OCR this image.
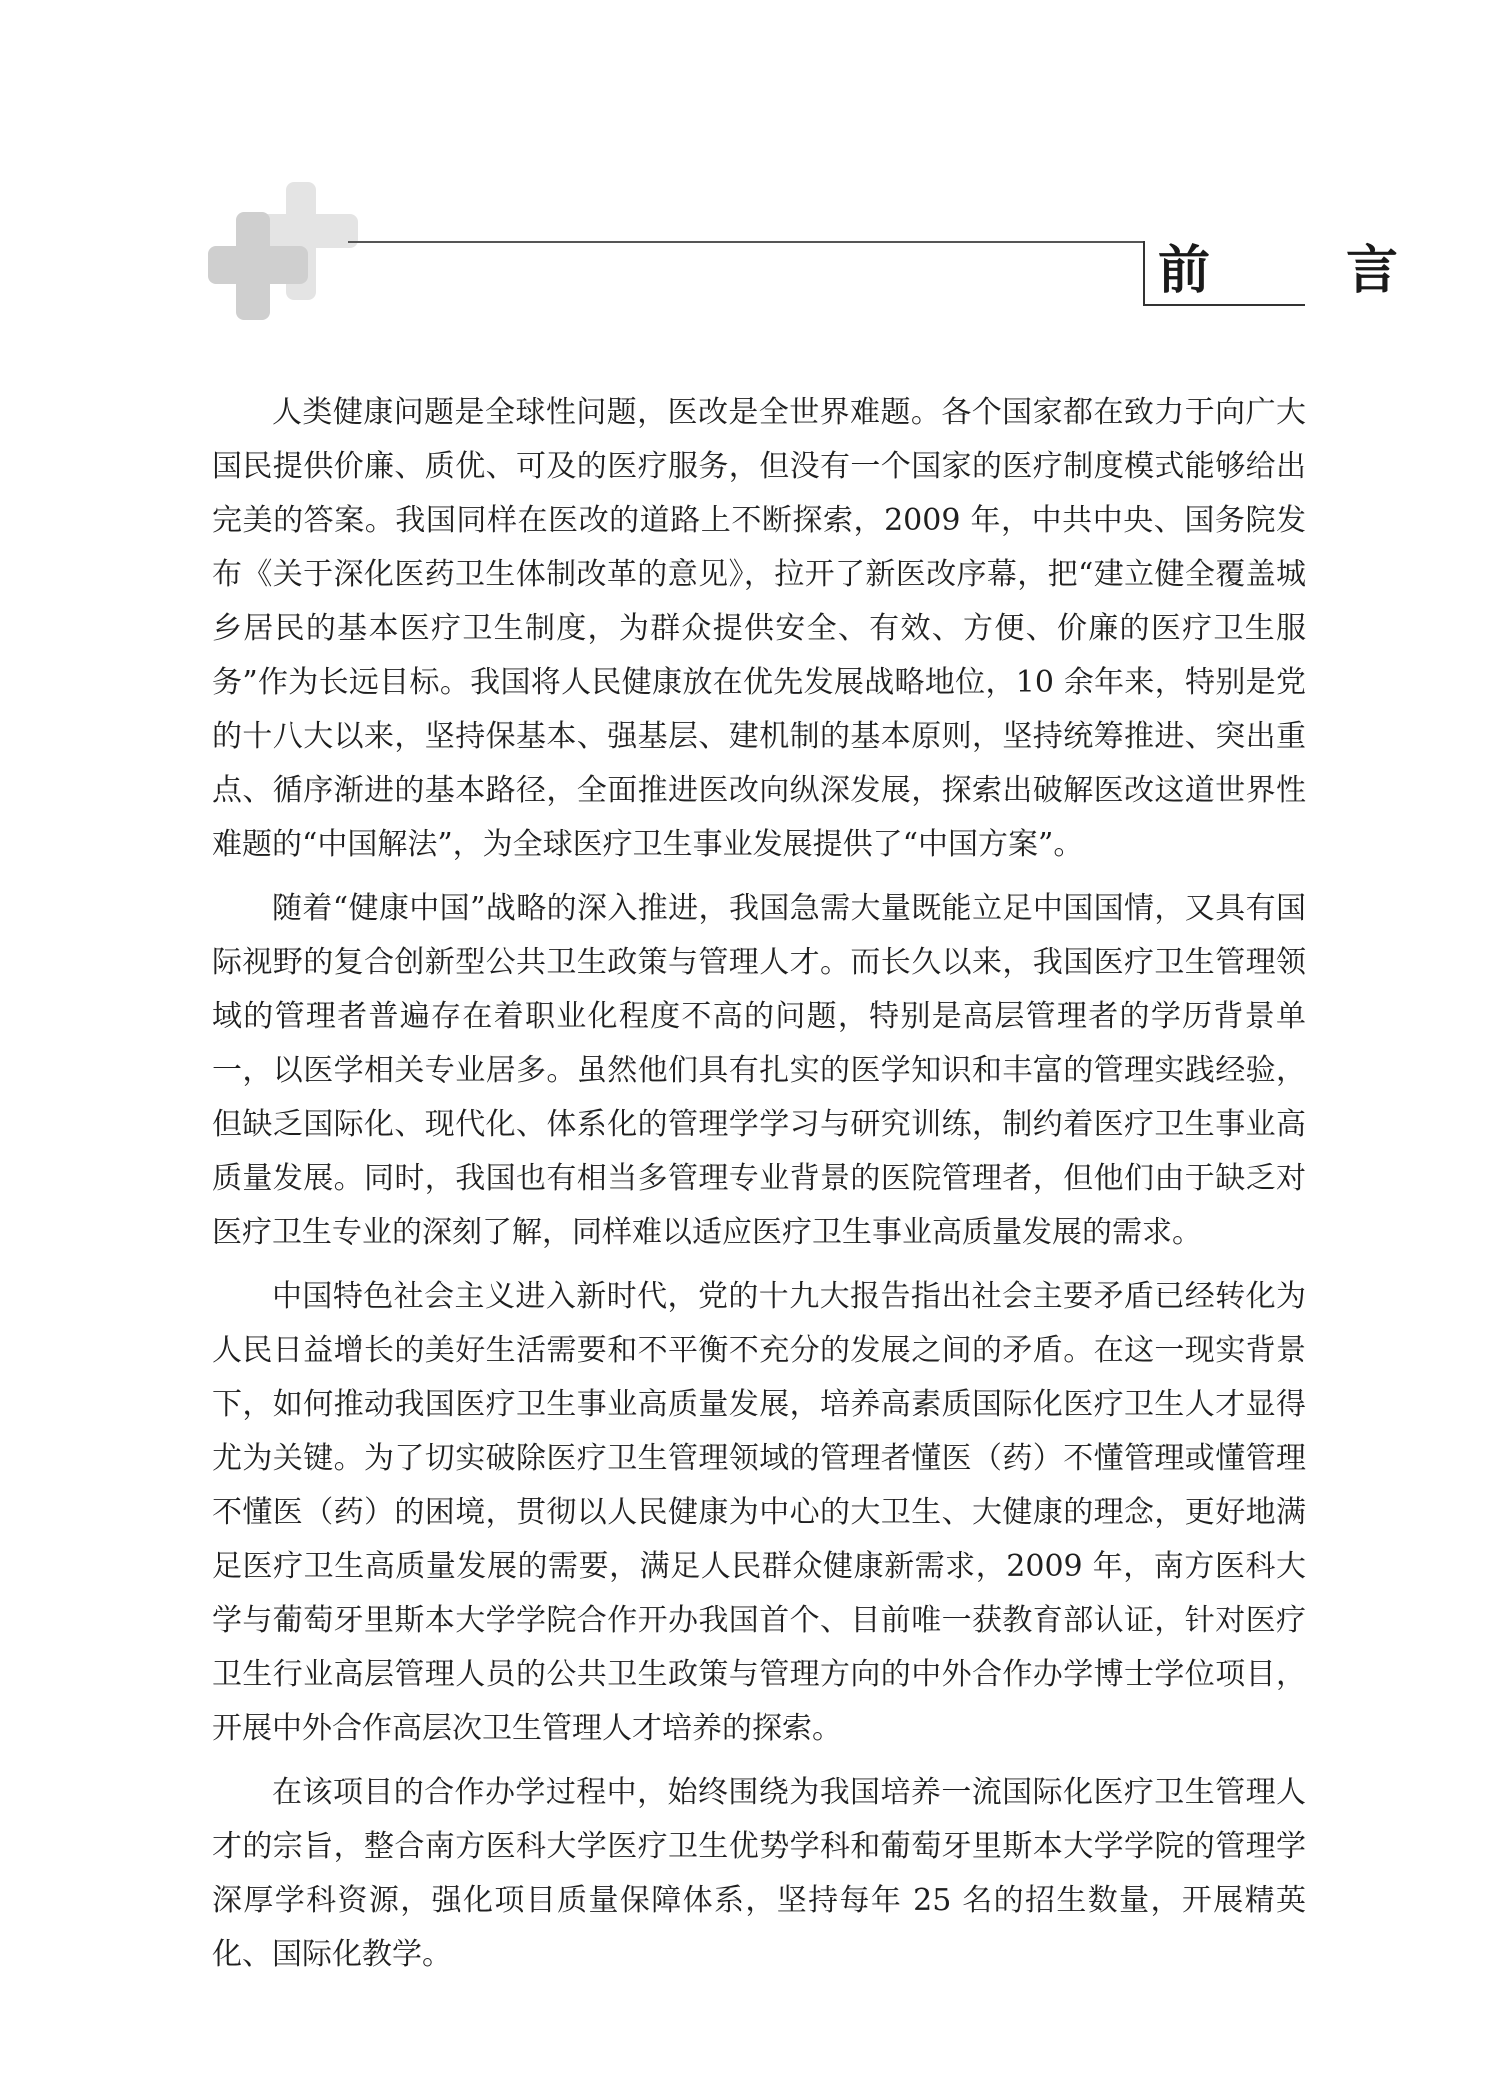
前　言

人类健康问题是全球性问题，医改是全世界难题。各个国家都在致力于向广大国民提供价廉、质优、可及的医疗服务，但没有一个国家的医疗制度模式能够给出完美的答案。我国同样在医改的道路上不断探索，2009 年，中共中央、国务院发布《关于深化医药卫生体制改革的意见》，拉开了新医改序幕，把“建立健全覆盖城乡居民的基本医疗卫生制度，为群众提供安全、有效、方便、价廉的医疗卫生服务”作为长远目标。我国将人民健康放在优先发展战略地位，10 余年来，特别是党的十八大以来，坚持保基本、强基层、建机制的基本原则，坚持统筹推进、突出重点、循序渐进的基本路径，全面推进医改向纵深发展，探索出破解医改这道世界性难题的“中国解法”，为全球医疗卫生事业发展提供了“中国方案”。

随着“健康中国”战略的深入推进，我国急需大量既能立足中国国情，又具有国际视野的复合创新型公共卫生政策与管理人才。而长久以来，我国医疗卫生管理领域的管理者普遍存在着职业化程度不高的问题，特别是高层管理者的学历背景单一，以医学相关专业居多。虽然他们具有扎实的医学知识和丰富的管理实践经验，但缺乏国际化、现代化、体系化的管理学学习与研究训练，制约着医疗卫生事业高质量发展。同时，我国也有相当多管理专业背景的医院管理者，但他们由于缺乏对医疗卫生专业的深刻了解，同样难以适应医疗卫生事业高质量发展的需求。

中国特色社会主义进入新时代，党的十九大报告指出社会主要矛盾已经转化为人民日益增长的美好生活需要和不平衡不充分的发展之间的矛盾。在这一现实背景下，如何推动我国医疗卫生事业高质量发展，培养高素质国际化医疗卫生人才显得尤为关键。为了切实破除医疗卫生管理领域的管理者懂医（药）不懂管理或懂管理不懂医（药）的困境，贯彻以人民健康为中心的大卫生、大健康的理念，更好地满足医疗卫生高质量发展的需要，满足人民群众健康新需求，2009 年，南方医科大学与葡萄牙里斯本大学学院合作开办我国首个、目前唯一获教育部认证，针对医疗卫生行业高层管理人员的公共卫生政策与管理方向的中外合作办学博士学位项目，开展中外合作高层次卫生管理人才培养的探索。

在该项目的合作办学过程中，始终围绕为我国培养一流国际化医疗卫生管理人才的宗旨，整合南方医科大学医疗卫生优势学科和葡萄牙里斯本大学学院的管理学深厚学科资源，强化项目质量保障体系，坚持每年 25 名的招生数量，开展精英化、国际化教学。
